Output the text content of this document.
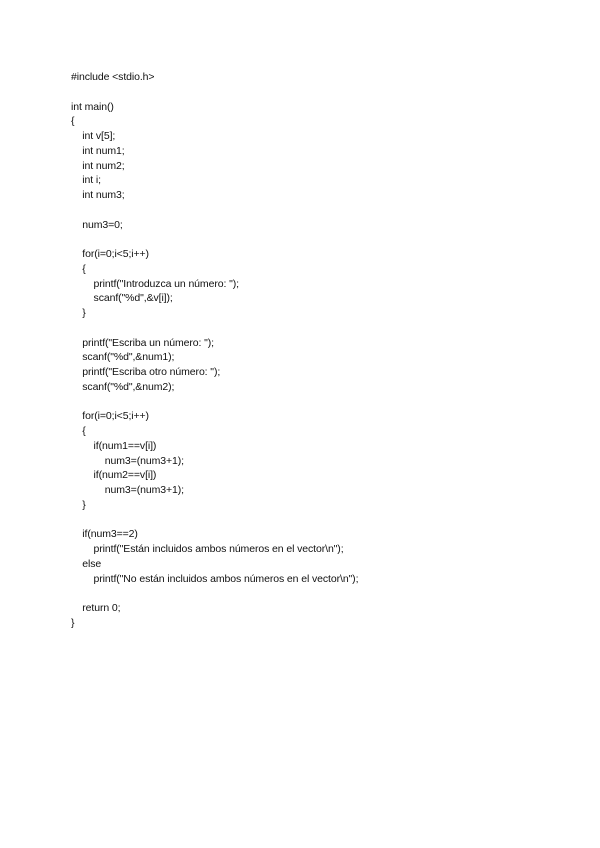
#include <stdio.h>
int main()
{
int v[5];
int num1;
int num2;
int i;
int num3;
num3=0;
for(i=0;i<5;i++)
{
printf("Introduzca un número: ");
scanf("%d",&v[i]);
}
printf("Escriba un número: ");
scanf("%d",&num1);
printf("Escriba otro número: ");
scanf("%d",&num2);
for(i=0;i<5;i++)
{
if(num1==v[i])
num3=(num3+1);
if(num2==v[i])
num3=(num3+1);
}
if(num3==2)
printf("Están incluidos ambos números en el vector\n");
else
printf("No están incluidos ambos números en el vector\n");
return 0;
}
